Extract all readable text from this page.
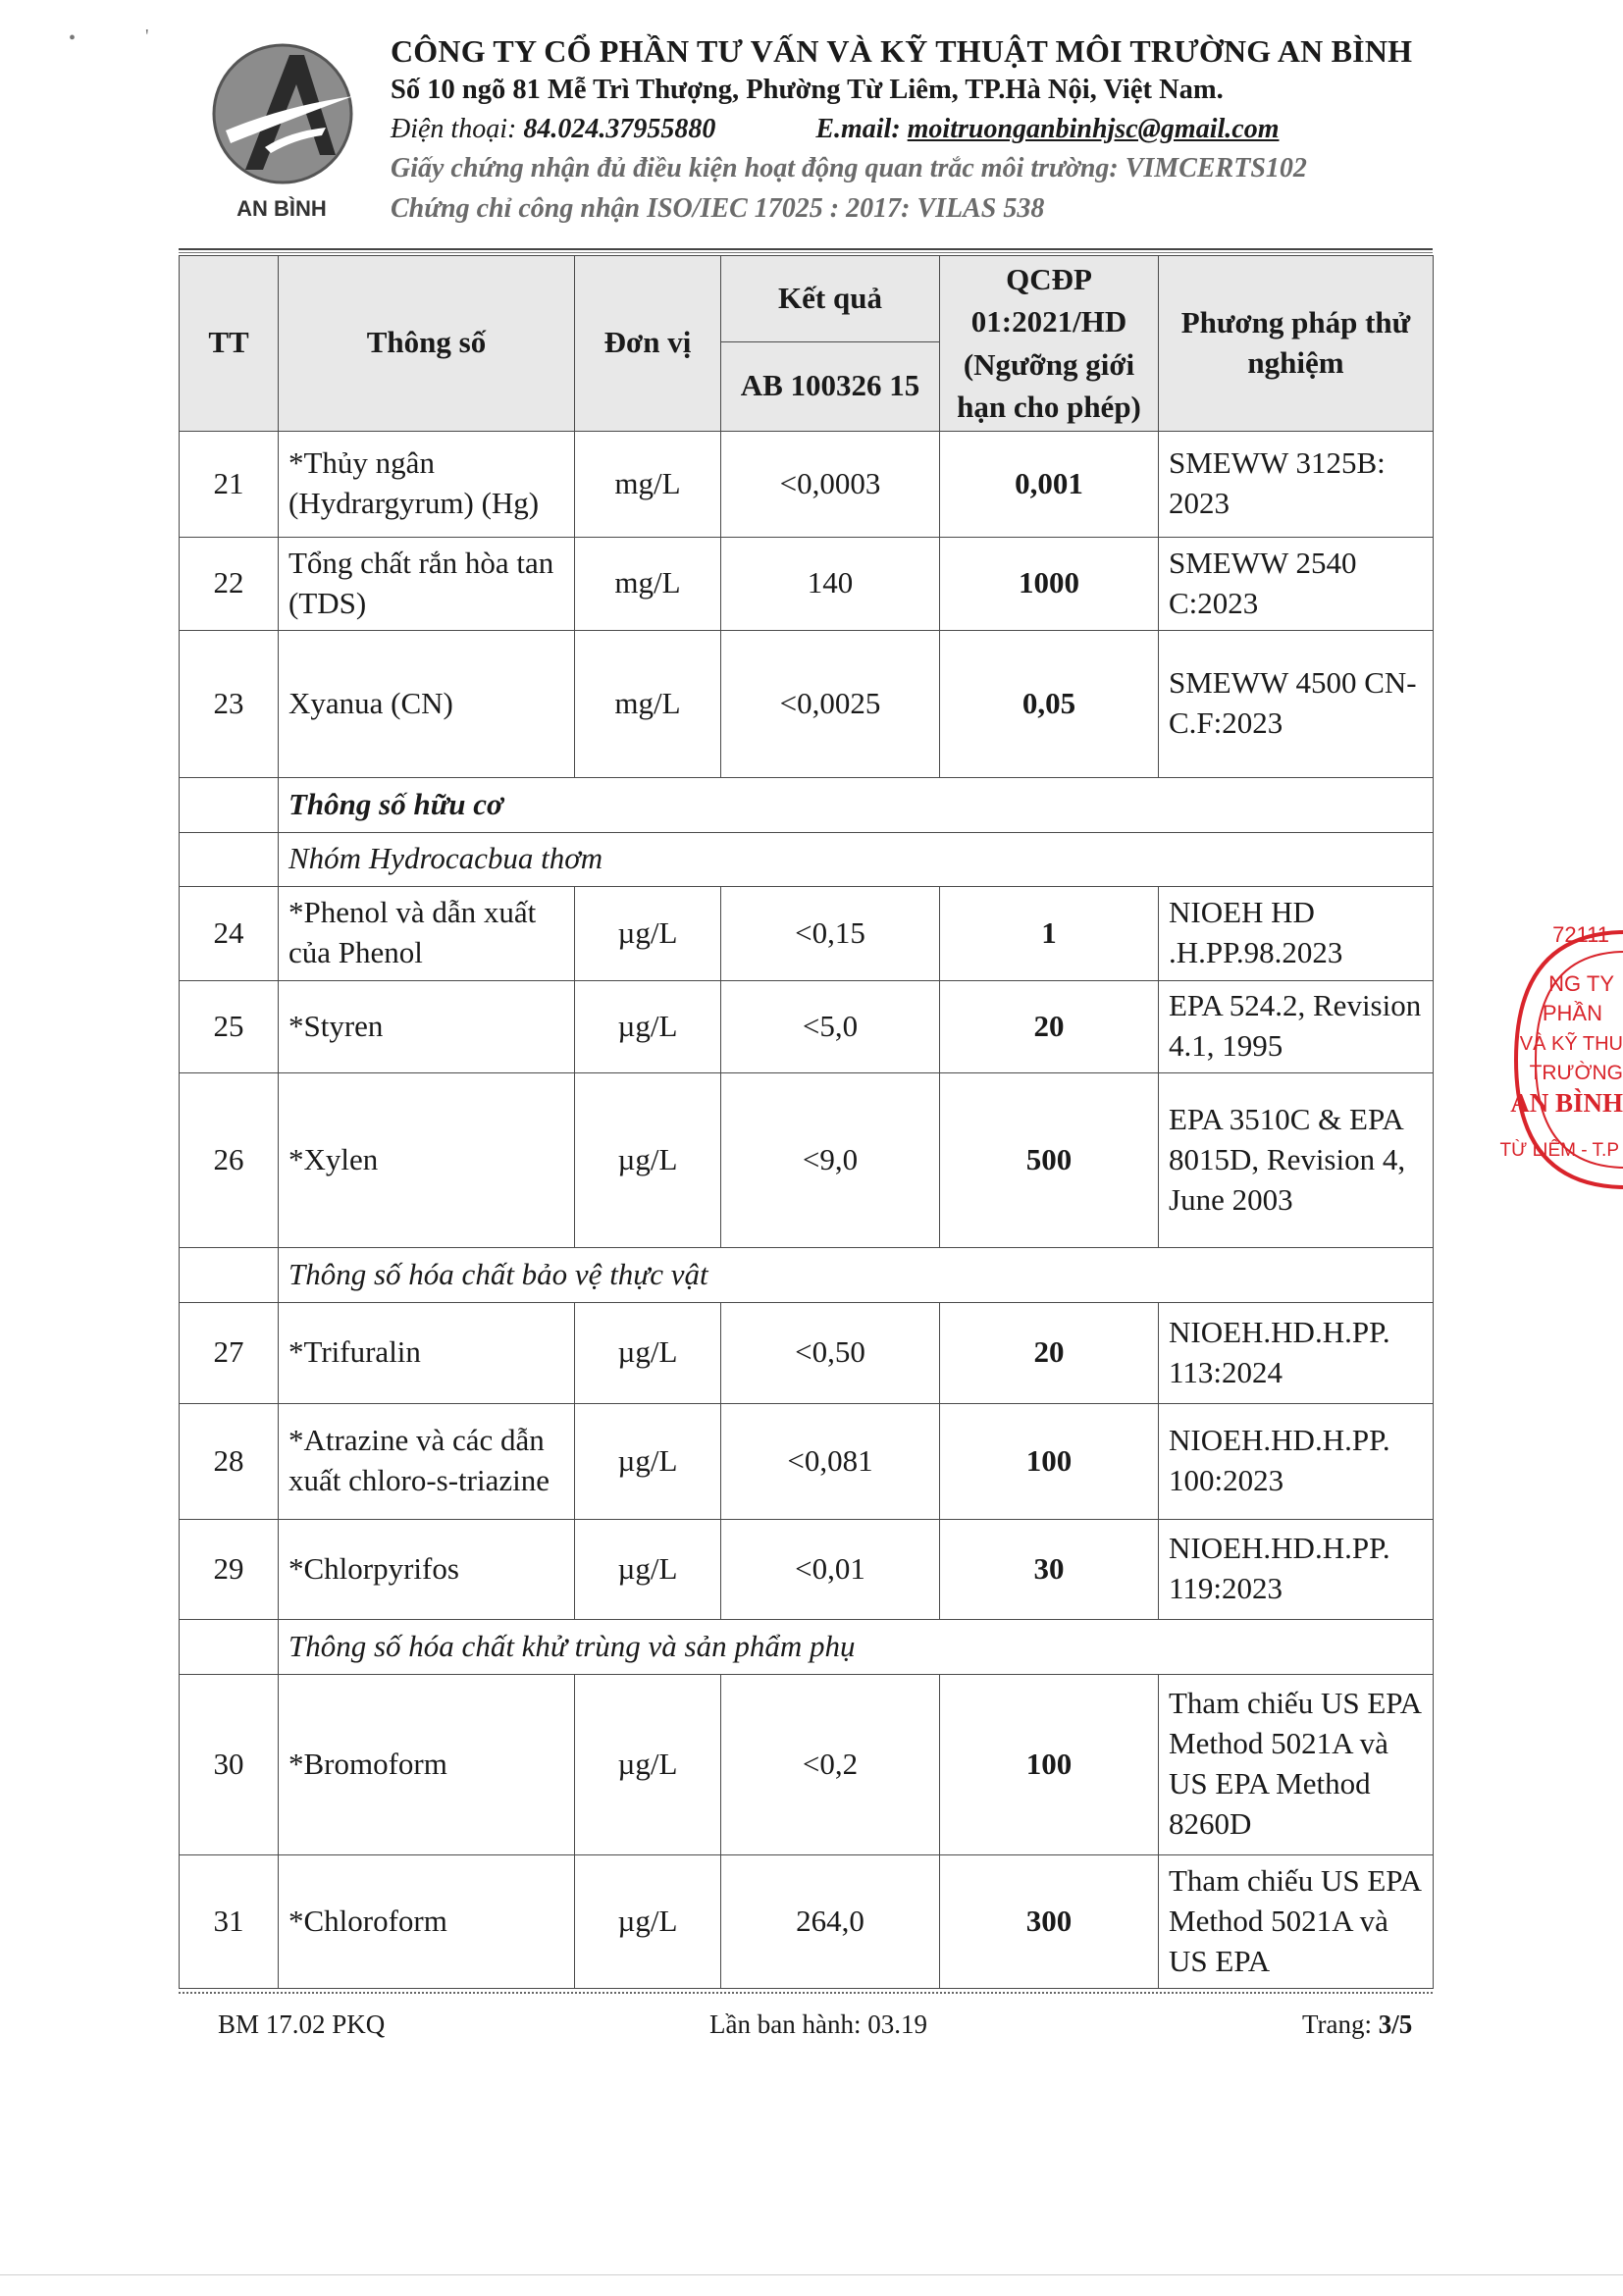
•	'
AN BÌNH
CÔNG TY CỔ PHẦN TƯ VẤN VÀ KỸ THUẬT MÔI TRƯỜNG AN BÌNH
Số 10 ngõ 81 Mễ Trì Thượng, Phường Từ Liêm, TP.Hà Nội, Việt Nam.
Điện thoại: 84.024.37955880	E.mail: moitruonganbinhjsc@gmail.com
Giấy chứng nhận đủ điều kiện hoạt động quan trắc môi trường: VIMCERTS102
Chứng chỉ công nhận ISO/IEC 17025 : 2017: VILAS 538
TT	Thông số	Đơn vị	Kết quả	QCĐP 01:2021/HD (Ngưỡng giới hạn cho phép)	Phương pháp thử nghiệm
			AB 100326 15		
21	*Thủy ngân (Hydrargyrum) (Hg)	mg/L	<0,0003	0,001	SMEWW 3125B: 2023
22	Tổng chất rắn hòa tan (TDS)	mg/L	140	1000	SMEWW 2540 C:2023
23	Xyanua (CN)	mg/L	<0,0025	0,05	SMEWW 4500 CN-C.F:2023
	Thông số hữu cơ				
	Nhóm Hydrocacbua thơm				
24	*Phenol và dẫn xuất của Phenol	µg/L	<0,15	1	NIOEH HD .H.PP.98.2023
25	*Styren	µg/L	<5,0	20	EPA 524.2, Revision 4.1, 1995
26	*Xylen	µg/L	<9,0	500	EPA 3510C & EPA 8015D, Revision 4, June 2003
	Thông số hóa chất bảo vệ thực vật				
27	*Trifuralin	µg/L	<0,50	20	NIOEH.HD.H.PP. 113:2024
28	*Atrazine và các dẫn xuất chloro-s-triazine	µg/L	<0,081	100	NIOEH.HD.H.PP. 100:2023
29	*Chlorpyrifos	µg/L	<0,01	30	NIOEH.HD.H.PP. 119:2023
	Thông số hóa chất khử trùng và sản phẩm phụ				
30	*Bromoform	µg/L	<0,2	100	Tham chiếu US EPA Method 5021A và US EPA Method 8260D
31	*Chloroform	µg/L	264,0	300	Tham chiếu US EPA Method 5021A và US EPA
BM 17.02 PKQ	Lần ban hành: 03.19	Trang: 3/5
72111
NG TY
PHẦN
VÀ KỸ THU
TRƯỜNG
AN BÌNH
TỪ LIÊM - T.P
